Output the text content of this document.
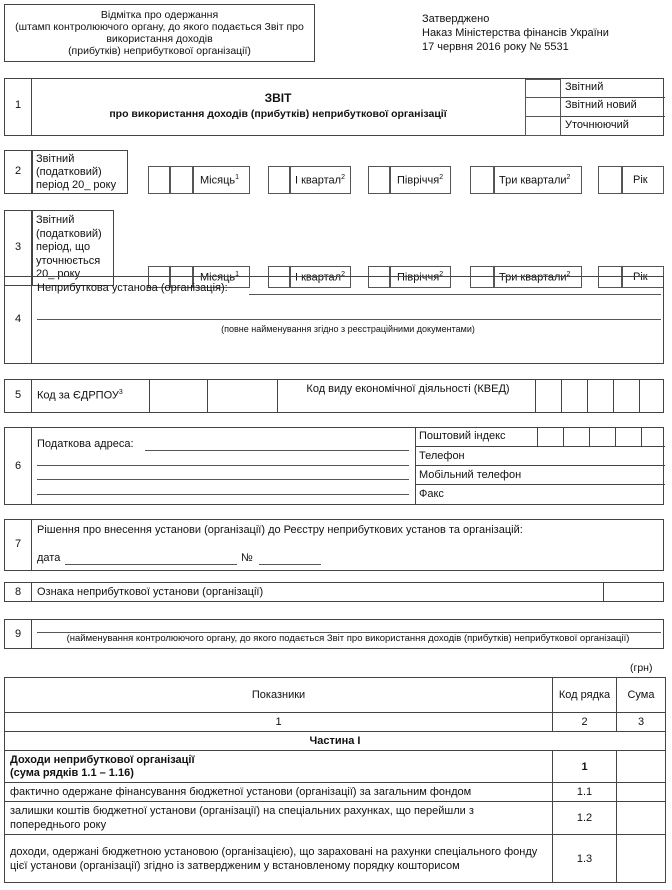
Відмітка про одержання
(штамп контролюючого органу, до якого подається Звіт про використання доходів
(прибутків) неприбуткової організації)
Затверджено
Наказ Міністерства фінансів України
17 червня 2016 року № 5531
1	ЗВІТ
про використання доходів (прибутків) неприбуткової організації
Звітний
Звітний новий
Уточнюючий
2
Звітний (податковий) період 20_ року	Місяць$^1$	I квартал$^2$	Півріччя$^2$	Три квартали$^2$	Рік
3
Звітний (податковий) період, що уточнюється 20_ року	Місяць$^1$	I квартал$^2$	Півріччя$^2$	Три квартали$^2$	Рік
4
Неприбуткова установа (організація):
(повне найменування згідно з реєстраційними документами)
5	Код за ЄДРПОУ$^3$	Код виду економічної діяльності (КВЕД)
6
Податкова адреса:
Поштовий індекс
Телефон
Мобільний телефон
Факс
7
Рішення про внесення установи (організації) до Реєстру неприбуткових установ та організацій:
дата	№
8	Ознака неприбуткової установи (організації)
9	(найменування контролюючого органу, до якого подається Звіт про використання доходів (прибутків) неприбуткової організації)
(грн)
Показники	Код рядка	Сума
1	2	3
Частина I		
Доходи неприбуткової організації
(сума рядків 1.1 – 1.16)	1	
фактично одержане фінансування бюджетної установи (організації) за загальним фондом	1.1	
залишки коштів бюджетної установи (організації) на спеціальних рахунках, що перейшли з попереднього року	1.2	
доходи, одержані бюджетною установою (організацією), що зараховані на рахунки спеціального фонду цієї установи (організації) згідно із затвердженим у встановленому порядку кошторисом	1.3	
